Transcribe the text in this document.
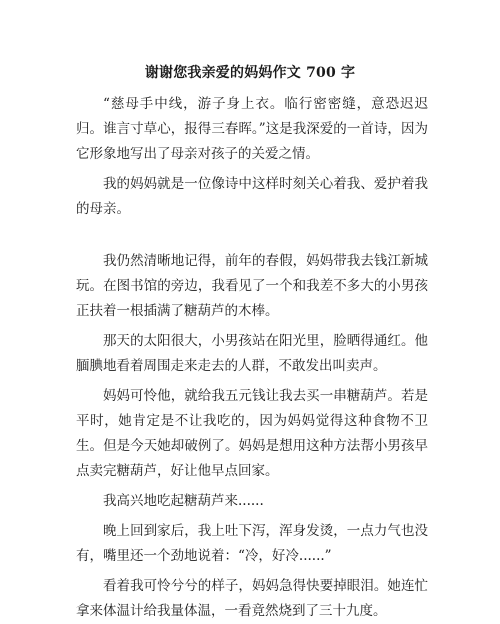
谢谢您我亲爱的妈妈作文 700 字

“慈母手中线，游子身上衣。临行密密缝，意恐迟迟归。谁言寸草心，报得三春晖。”这是我深爱的一首诗，因为它形象地写出了母亲对孩子的关爱之情。

我的妈妈就是一位像诗中这样时刻关心着我、爱护着我的母亲。

我仍然清晰地记得，前年的春假，妈妈带我去钱江新城玩。在图书馆的旁边，我看见了一个和我差不多大的小男孩正扶着一根插满了糖葫芦的木棒。

那天的太阳很大，小男孩站在阳光里，脸晒得通红。他腼腆地看着周围走来走去的人群，不敢发出叫卖声。

妈妈可怜他，就给我五元钱让我去买一串糖葫芦。若是平时，她肯定是不让我吃的，因为妈妈觉得这种食物不卫生。但是今天她却破例了。妈妈是想用这种方法帮小男孩早点卖完糖葫芦，好让他早点回家。

我高兴地吃起糖葫芦来......

晚上回到家后，我上吐下泻，浑身发烫，一点力气也没有，嘴里还一个劲地说着：“冷，好冷......”

看着我可怜兮兮的样子，妈妈急得快要掉眼泪。她连忙拿来体温计给我量体温，一看竟然烧到了三十九度。
